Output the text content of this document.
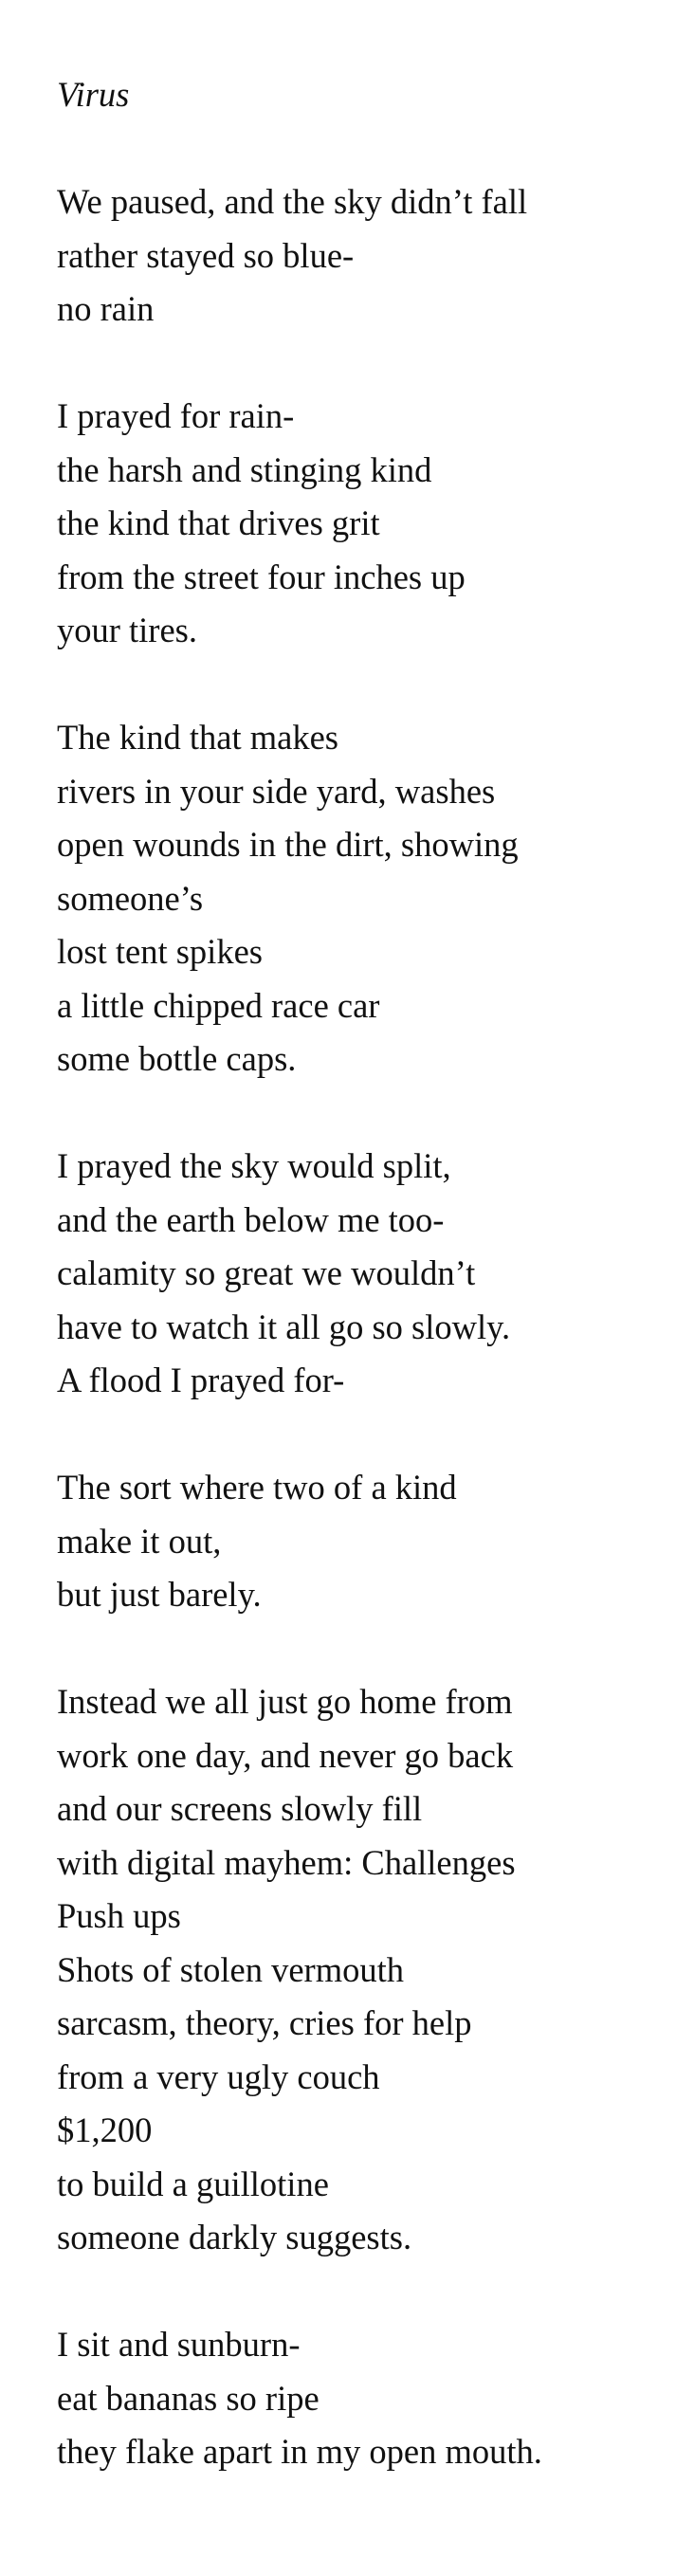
Virus
We paused, and the sky didn’t fall
rather stayed so blue-
no rain
I prayed for rain-
the harsh and stinging kind
the kind that drives grit
from the street four inches up
your tires.
The kind that makes
rivers in your side yard, washes
open wounds in the dirt, showing
someone’s
lost tent spikes
a little chipped race car
some bottle caps.
I prayed the sky would split,
and the earth below me too-
calamity so great we wouldn’t
have to watch it all go so slowly.
A flood I prayed for-
The sort where two of a kind
make it out,
but just barely.
Instead we all just go home from
work one day, and never go back
and our screens slowly fill
with digital mayhem: Challenges
Push ups
Shots of stolen vermouth
sarcasm, theory, cries for help
from a very ugly couch
$1,200
to build a guillotine
someone darkly suggests.
I sit and sunburn-
eat bananas so ripe
they flake apart in my open mouth.
